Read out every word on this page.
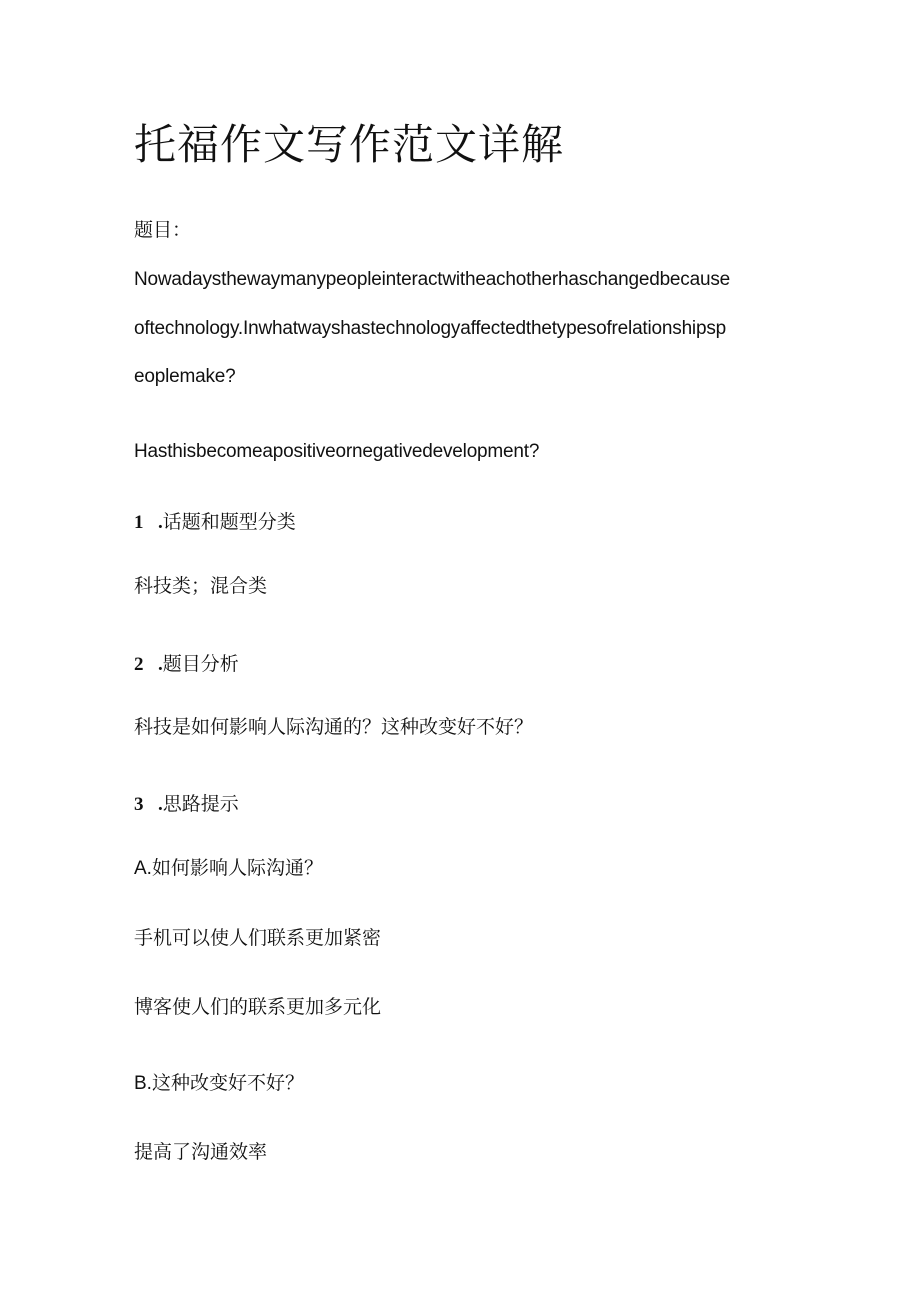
托福作文写作范文详解
题目：
Nowadaysthewaymanypeopleinteractwitheachotherhaschangedbecause
oftechnology.Inwhatwayshastechnologyaffectedthetypesofrelationshipsp
eoplemake?
Hasthisbecomeapositiveornegativedevelopment?
1 .话题和题型分类
科技类；混合类
2 .题目分析
科技是如何影响人际沟通的？这种改变好不好？
3 .思路提示
A.如何影响人际沟通？
手机可以使人们联系更加紧密
博客使人们的联系更加多元化
B.这种改变好不好？
提高了沟通效率
